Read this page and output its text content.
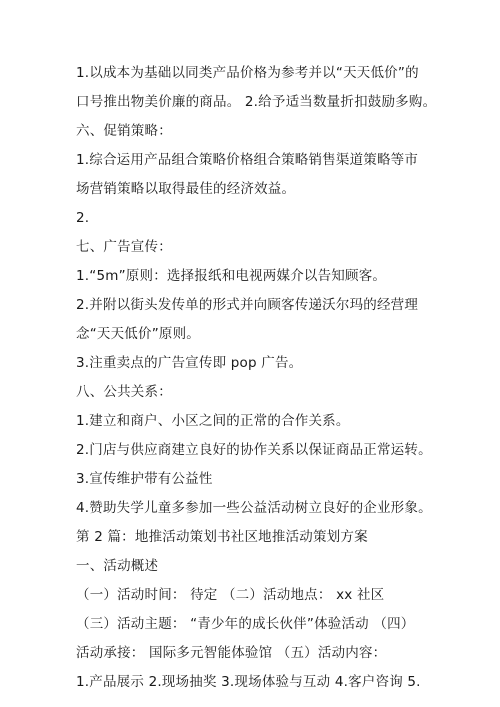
1.以成本为基础以同类产品价格为参考并以“天天低价”的
口号推出物美价廉的商品。 2.给予适当数量折扣鼓励多购。
六、促销策略：
1.综合运用产品组合策略价格组合策略销售渠道策略等市
场营销策略以取得最佳的经济效益。
2.
七、广告宣传：
1.“5m”原则：选择报纸和电视两媒介以告知顾客。
2.并附以街头发传单的形式并向顾客传递沃尔玛的经营理
念“天天低价”原则。
3.注重卖点的广告宣传即 pop 广告。
八、公共关系：
1.建立和商户、小区之间的正常的合作关系。
2.门店与供应商建立良好的协作关系以保证商品正常运转。
3.宣传维护带有公益性
4.赞助失学儿童多参加一些公益活动树立良好的企业形象。
第 2 篇：地推活动策划书社区地推活动策划方案
一、活动概述
（一）活动时间： 待定 （二）活动地点： xx 社区
（三）活动主题： “青少年的成长伙伴”体验活动 （四）
活动承接： 国际多元智能体验馆 （五）活动内容：
1.产品展示 2.现场抽奖 3.现场体验与互动 4.客户咨询 5.
